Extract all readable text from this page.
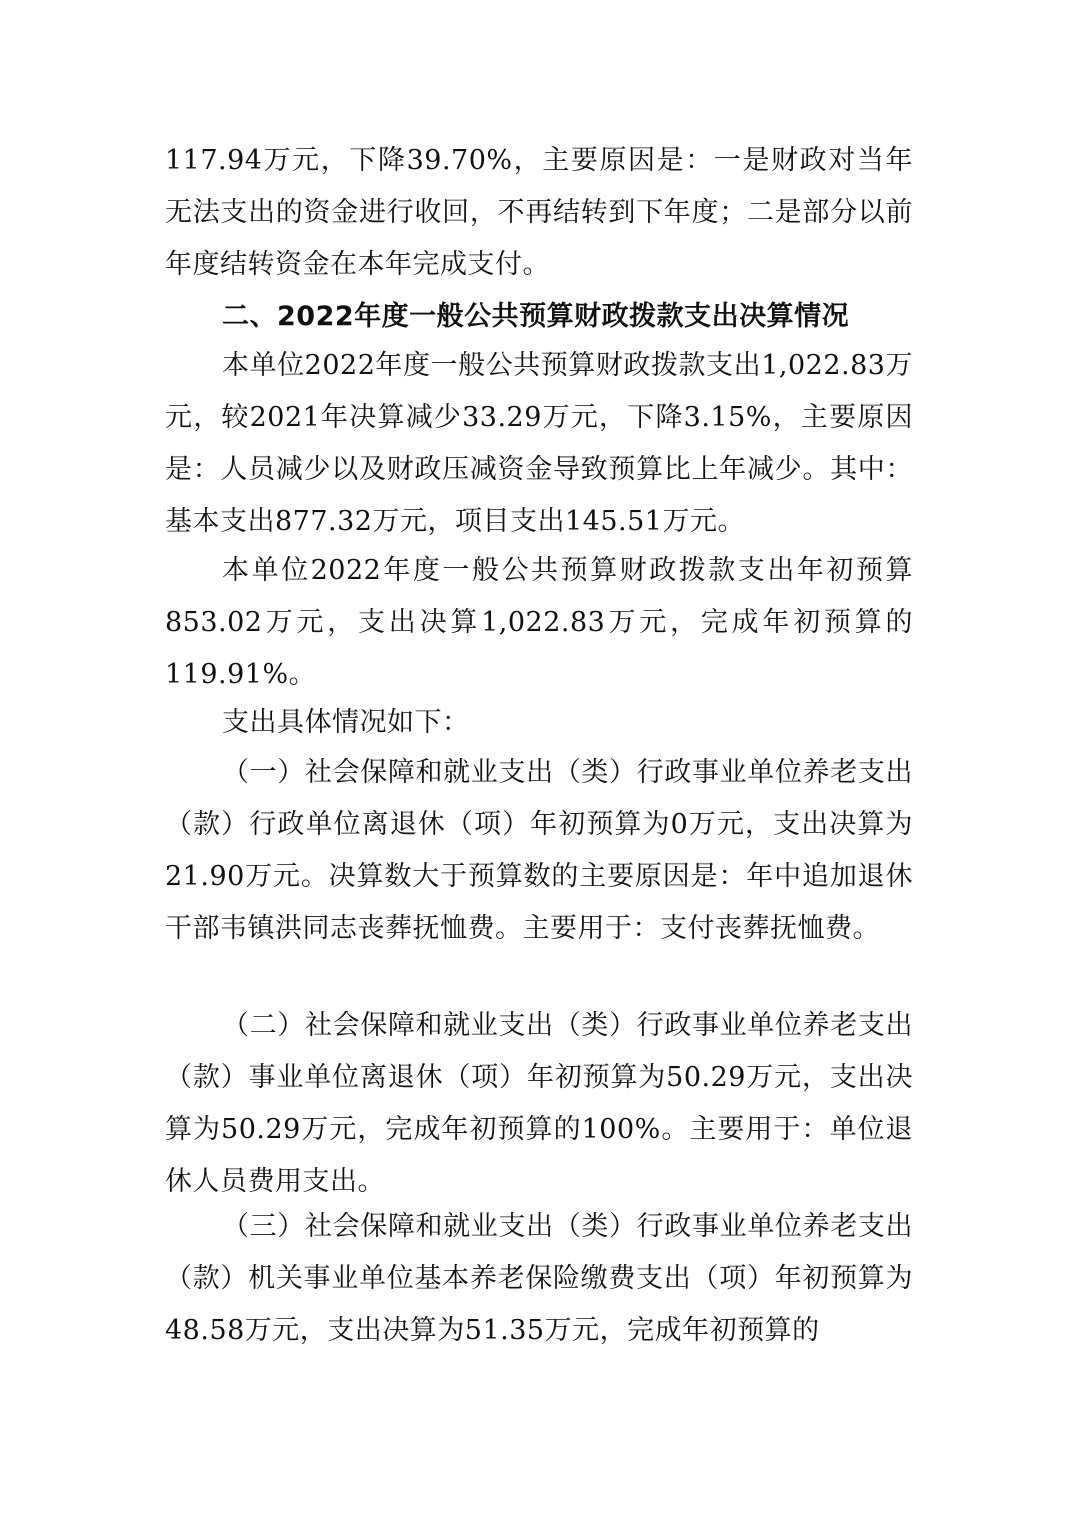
117.94万元，下降39.70%，主要原因是：一是财政对当年无法支出的资金进行收回，不再结转到下年度；二是部分以前年度结转资金在本年完成支付。

二、2022年度一般公共预算财政拨款支出决算情况

本单位2022年度一般公共预算财政拨款支出1,022.83万元，较2021年决算减少33.29万元，下降3.15%，主要原因是：人员减少以及财政压减资金导致预算比上年减少。其中：基本支出877.32万元，项目支出145.51万元。

本单位2022年度一般公共预算财政拨款支出年初预算853.02万元，支出决算1,022.83万元，完成年初预算的119.91%。

支出具体情况如下：

（一）社会保障和就业支出（类）行政事业单位养老支出（款）行政单位离退休（项）年初预算为0万元，支出决算为21.90万元。决算数大于预算数的主要原因是：年中追加退休干部韦镇洪同志丧葬抚恤费。主要用于：支付丧葬抚恤费。

（二）社会保障和就业支出（类）行政事业单位养老支出（款）事业单位离退休（项）年初预算为50.29万元，支出决算为50.29万元，完成年初预算的100%。主要用于：单位退休人员费用支出。

（三）社会保障和就业支出（类）行政事业单位养老支出（款）机关事业单位基本养老保险缴费支出（项）年初预算为48.58万元，支出决算为51.35万元，完成年初预算的
